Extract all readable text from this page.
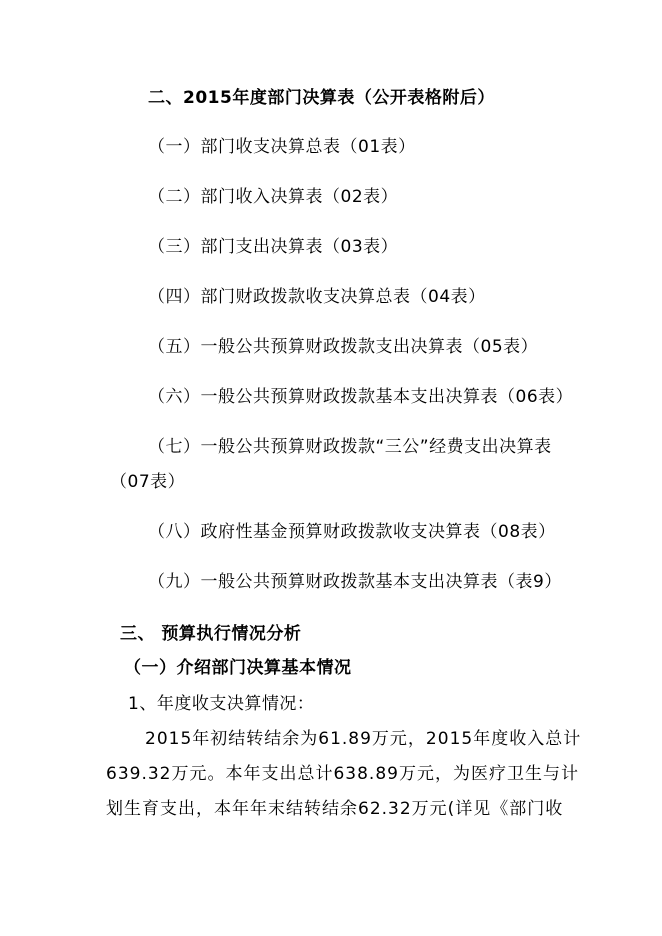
二、2015年度部门决算表（公开表格附后）
（一）部门收支决算总表（01表）
（二）部门收入决算表（02表）
（三）部门支出决算表（03表）
（四）部门财政拨款收支决算总表（04表）
（五）一般公共预算财政拨款支出决算表（05表）
（六）一般公共预算财政拨款基本支出决算表（06表）
（七）一般公共预算财政拨款“三公”经费支出决算表
（07表）
（八）政府性基金预算财政拨款收支决算表（08表）
（九）一般公共预算财政拨款基本支出决算表（表9）
三、 预算执行情况分析
（一）介绍部门决算基本情况
1、年度收支决算情况：
2015年初结转结余为61.89万元，2015年度收入总计
639.32万元。本年支出总计638.89万元，为医疗卫生与计
划生育支出，本年年末结转结余62.32万元(详见《部门收
